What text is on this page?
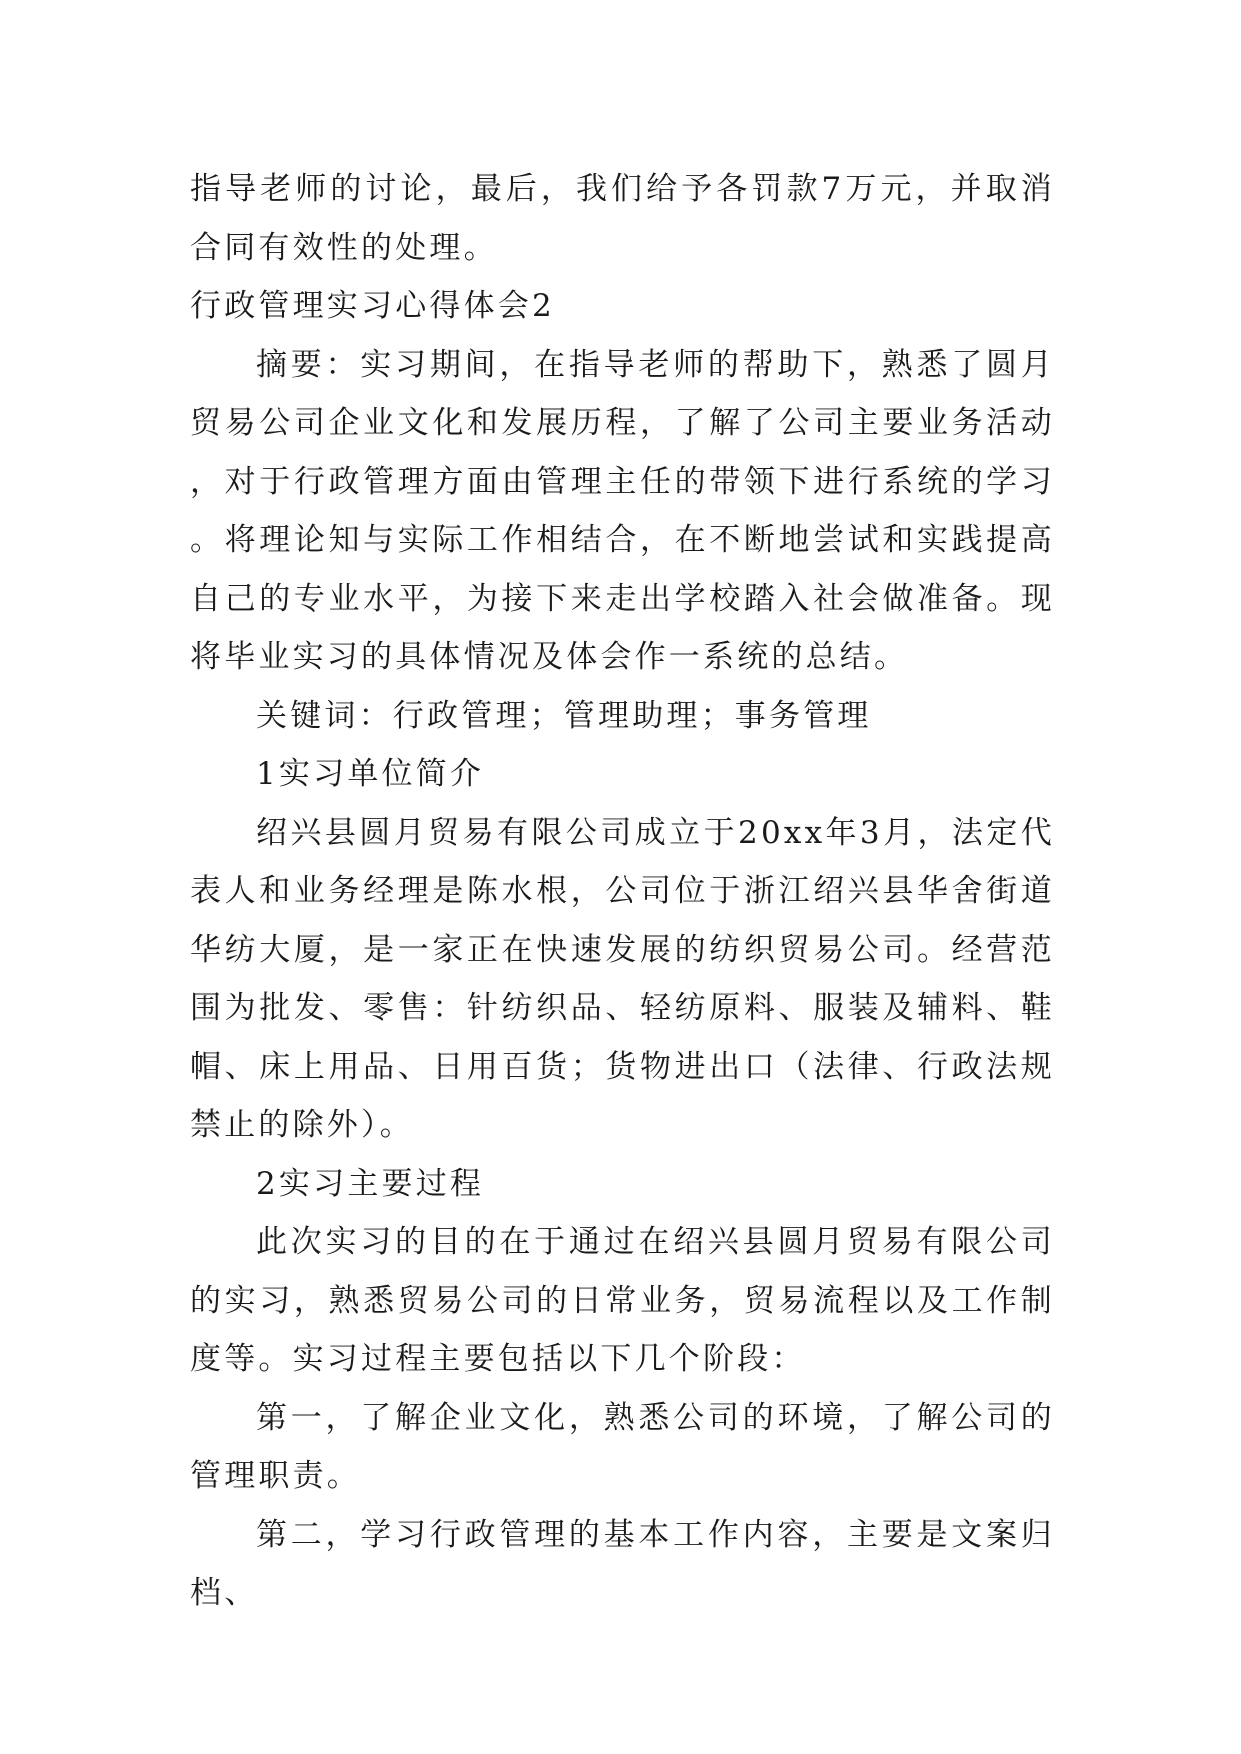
指导老师的讨论，最后，我们给予各罚款7万元，并取消合同有效性的处理。

行政管理实习心得体会2

摘要：实习期间，在指导老师的帮助下，熟悉了圆月贸易公司企业文化和发展历程，了解了公司主要业务活动，对于行政管理方面由管理主任的带领下进行系统的学习。将理论知与实际工作相结合，在不断地尝试和实践提高自己的专业水平，为接下来走出学校踏入社会做准备。现将毕业实习的具体情况及体会作一系统的总结。

关键词：行政管理；管理助理；事务管理

1实习单位简介

绍兴县圆月贸易有限公司成立于20xx年3月，法定代表人和业务经理是陈水根，公司位于浙江绍兴县华舍街道华纺大厦，是一家正在快速发展的纺织贸易公司。经营范围为批发、零售：针纺织品、轻纺原料、服装及辅料、鞋帽、床上用品、日用百货；货物进出口（法律、行政法规禁止的除外）。

2实习主要过程

此次实习的目的在于通过在绍兴县圆月贸易有限公司的实习，熟悉贸易公司的日常业务，贸易流程以及工作制度等。实习过程主要包括以下几个阶段：

第一，了解企业文化，熟悉公司的环境，了解公司的管理职责。

第二，学习行政管理的基本工作内容，主要是文案归档、
